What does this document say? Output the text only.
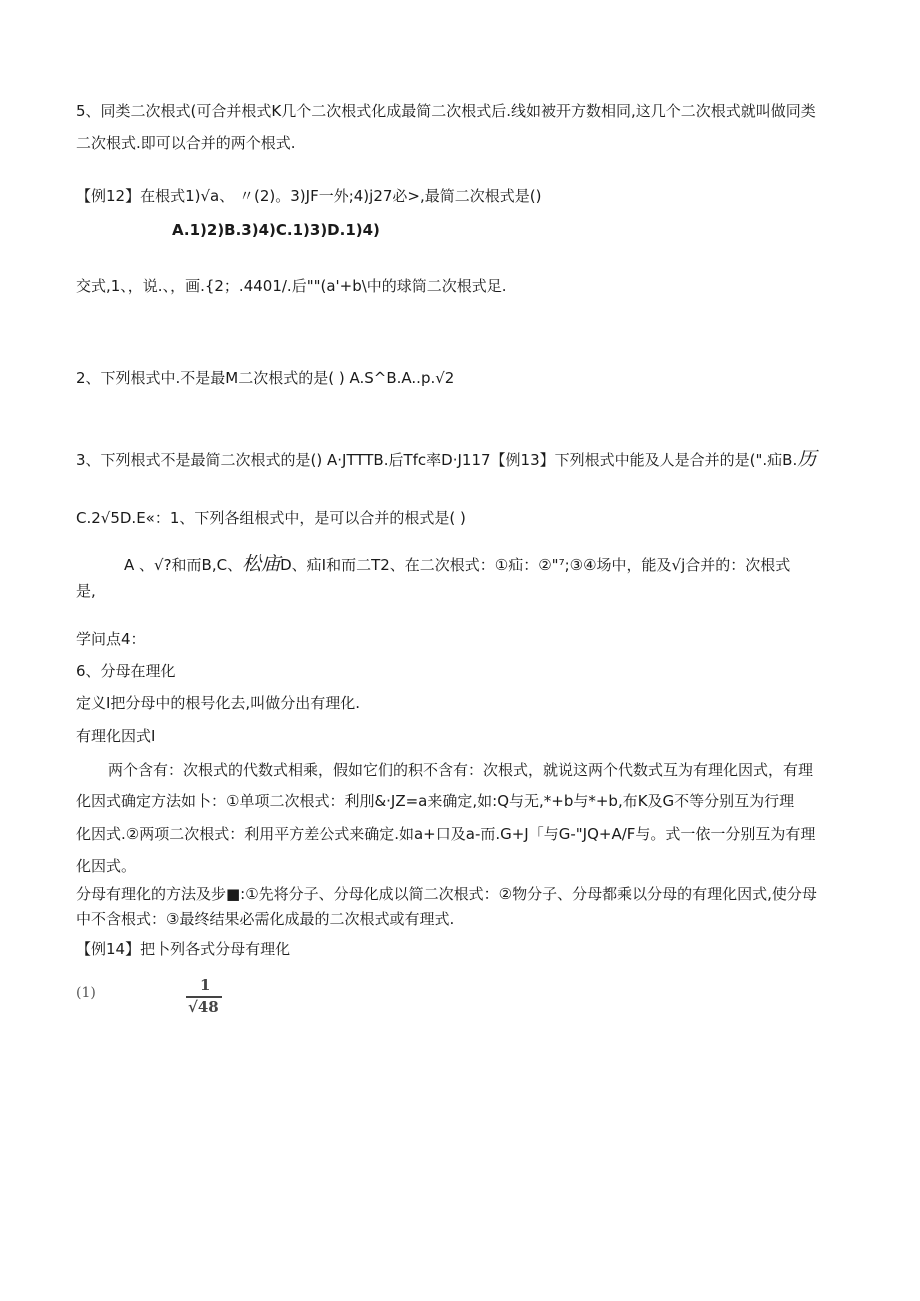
5、同类二次根式(可合并根式K几个二次根式化成最简二次根式后.线如被开方数相同,这几个二次根式就叫做同类
二次根式.即可以合并的两个根式.
【例12】在根式1)√a、 〃(2)。3)JF一外;4)j27必>,最简二次根式是()
A.1)2)B.3)4)C.1)3)D.1)4)
交式,1、，说.、，画.{2；.4401/.后""(a'+b\中的球筒二次根式足.
2、下列根式中.不是最M二次根式的是( ) A.S^B.A..p.√2
3、下列根式不是最简二次根式的是() A·JTTTB.后Tfc率D·J117【例13】下列根式中能及人是合并的是(".疝B.历
C.2√5D.E«：1、下列各组根式中，是可以合并的根式是( )
A 、√?和而B,C、松庙D、疝I和而二T2、在二次根式：①疝：②"⁷;③④场中，能及√j合并的：次根式
是,
学问点4：
6、分母在理化
定义I把分母中的根号化去,叫做分出有理化.
有理化因式I
两个含有：次根式的代数式相乘，假如它们的积不含有：次根式，就说这两个代数式互为有理化因式，有理
化因式确定方法如卜：①单项二次根式：利刖&·JZ=a来确定,如:Q与无,*+b与*+b,布K及G不等分别互为行理
化因式.②两项二次根式：利用平方差公式来确定.如a+口及a-而.G+J「与G-"JQ+A/F与。式一依一分别互为有理
化因式。
分母有理化的方法及步■:①先将分子、分母化成以简二次根式：②物分子、分母都乘以分母的有理化因式,使分母
中不含根式：③最终结果必需化成最的二次根式或有理式.
【例14】把卜列各式分母有理化
(1)	1
√48
